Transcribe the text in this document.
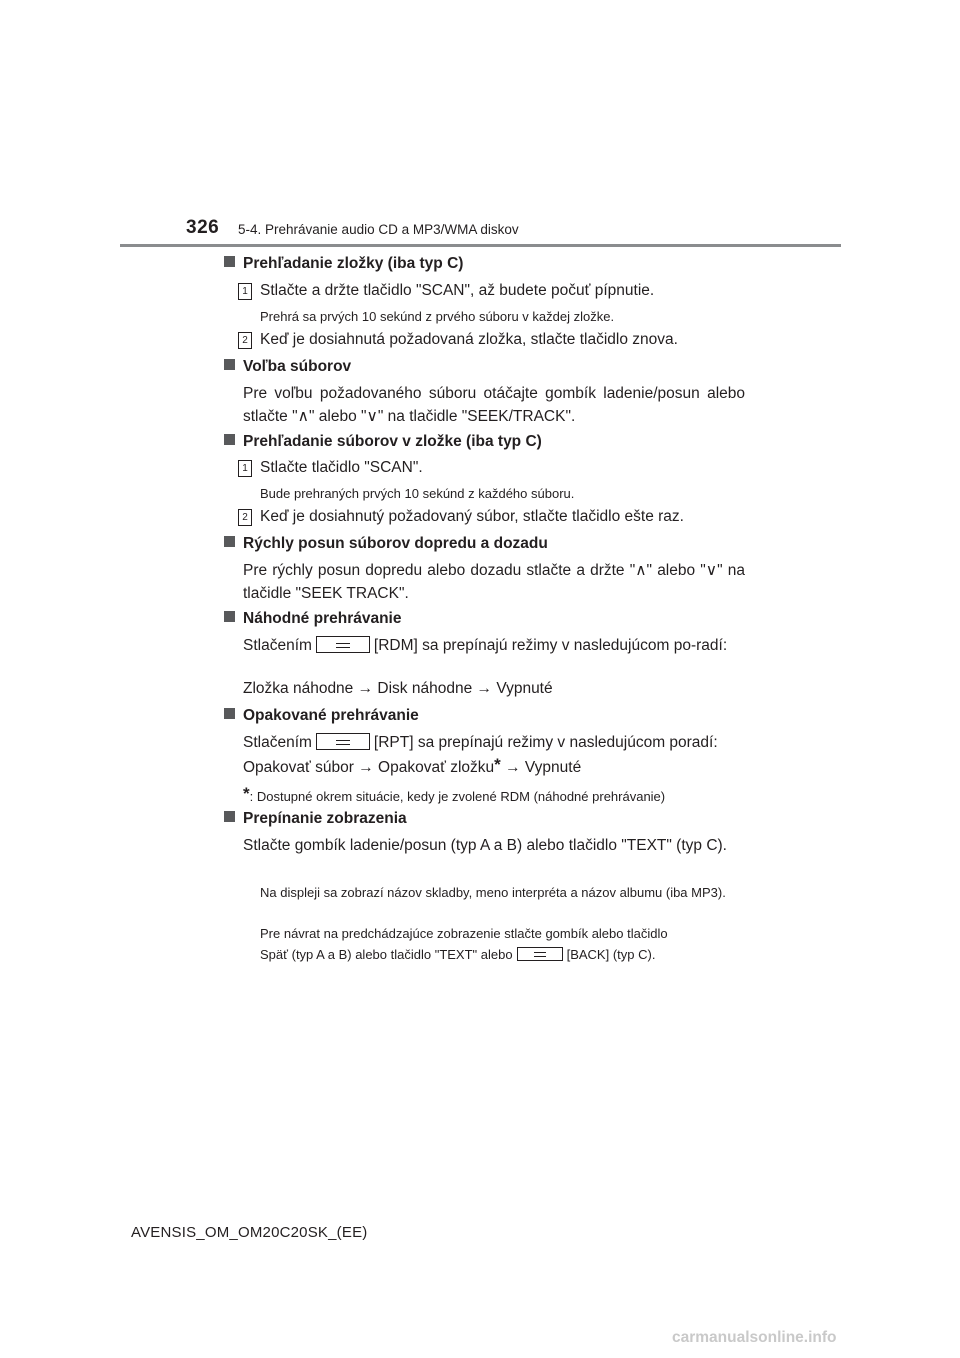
326 5-4. Prehrávanie audio CD a MP3/WMA diskov
Prehľadanie zložky (iba typ C)
1 Stlačte a držte tlačidlo "SCAN", až budete počuť pípnutie.
Prehrá sa prvých 10 sekúnd z prvého súboru v každej zložke.
2 Keď je dosiahnutá požadovaná zložka, stlačte tlačidlo znova.
Voľba súborov
Pre voľbu požadovaného súboru otáčajte gombík ladenie/posun alebo stlačte "∧" alebo "∨" na tlačidle "SEEK/TRACK".
Prehľadanie súborov v zložke (iba typ C)
1 Stlačte tlačidlo "SCAN".
Bude prehraných prvých 10 sekúnd z každého súboru.
2 Keď je dosiahnutý požadovaný súbor, stlačte tlačidlo ešte raz.
Rýchly posun súborov dopredu a dozadu
Pre rýchly posun dopredu alebo dozadu stlačte a držte "∧" alebo "∨" na tlačidle "SEEK TRACK".
Náhodné prehrávanie
Stlačením	[RDM] sa prepínajú režimy v nasledujúcom po-radí:
Zložka náhodne → Disk náhodne → Vypnuté
Opakované prehrávanie
Stlačením	[RPT] sa prepínajú režimy v nasledujúcom poradí:
Opakovať súbor → Opakovať zložku* → Vypnuté
*: Dostupné okrem situácie, kedy je zvolené RDM (náhodné prehrávanie)
Prepínanie zobrazenia
Stlačte gombík ladenie/posun (typ A a B) alebo tlačidlo "TEXT" (typ C).
Na displeji sa zobrazí názov skladby, meno interpréta a názov albumu (iba MP3).
Pre návrat na predchádzajúce zobrazenie stlačte gombík alebo tlačidlo
Späť (typ A a B) alebo tlačidlo "TEXT" alebo	[BACK] (typ C).
AVENSIS_OM_OM20C20SK_(EE)
carmanualsonline.info
